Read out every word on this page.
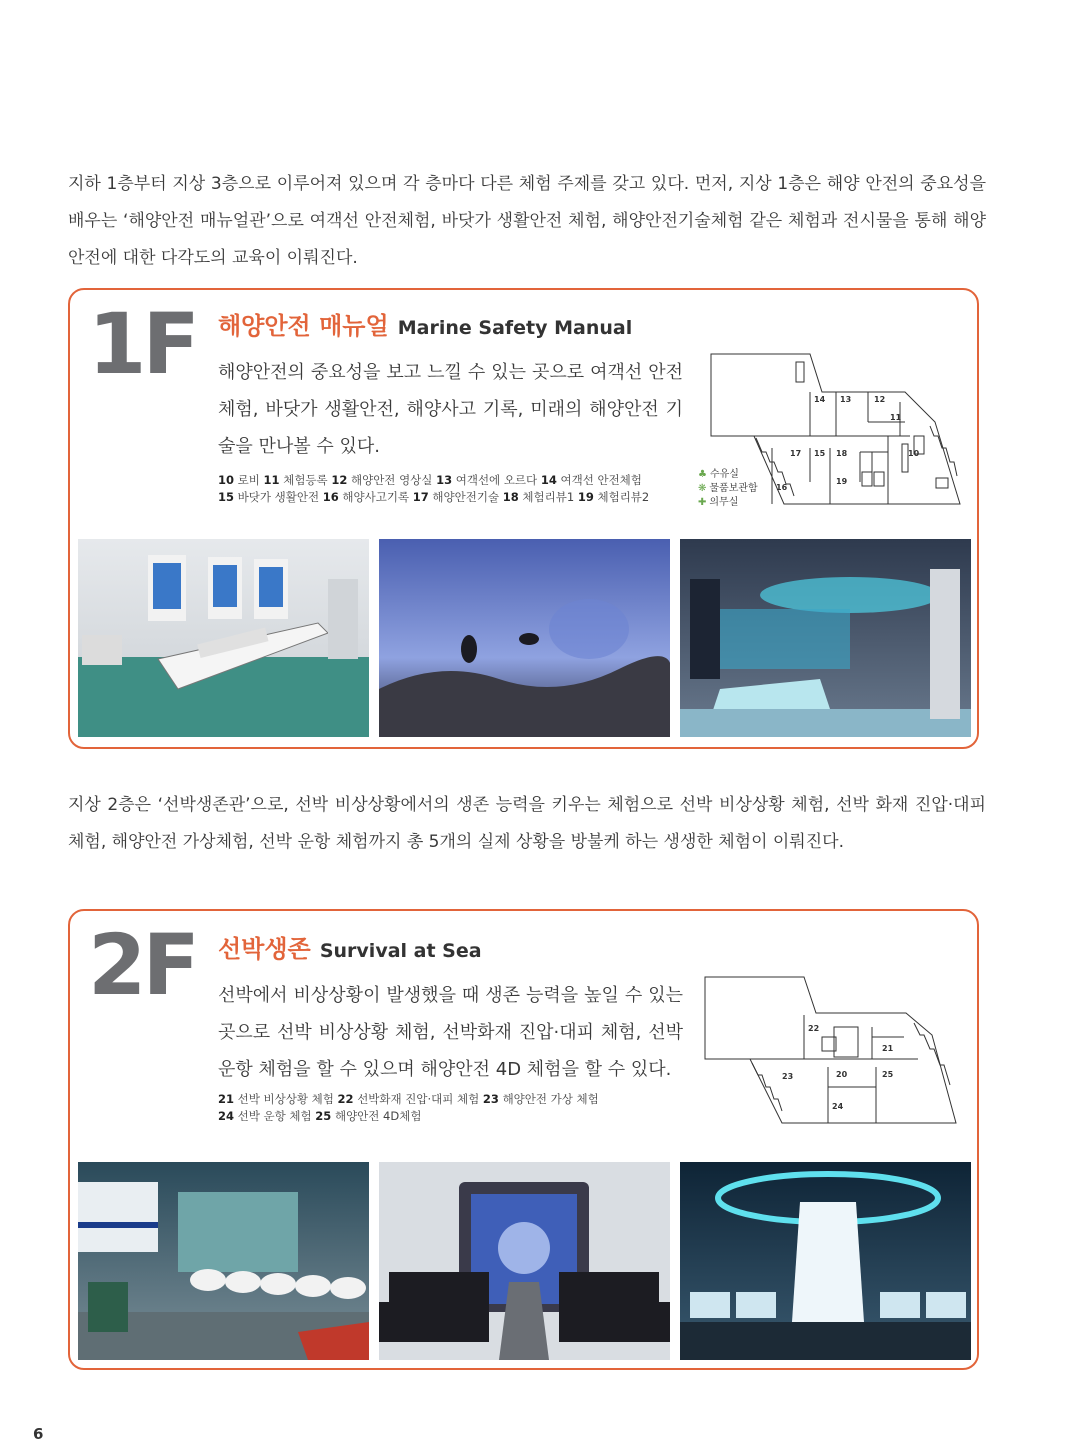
지하 1층부터 지상 3층으로 이루어져 있으며 각 층마다 다른 체험 주제를 갖고 있다. 먼저, 지상 1층은 해양 안전의 중요성을 배우는 ‘해양안전 매뉴얼관’으로 여객선 안전체험, 바닷가 생활안전 체험, 해양안전기술체험 같은 체험과 전시물을 통해 해양안전에 대한 다각도의 교육이 이뤄진다.

1F 해양안전 매뉴얼 Marine Safety Manual

해양안전의 중요성을 보고 느낄 수 있는 곳으로 여객선 안전체험, 바닷가 생활안전, 해양사고 기록, 미래의 해양안전 기술을 만나볼 수 있다.

10 로비 11 체험등록 12 해양안전 영상실 13 여객선에 오르다 14 여객선 안전체험
15 바닷가 생활안전 16 해양사고기록 17 해양안전기술 18 체험리뷰1 19 체험리뷰2
♣ 수유실
❋ 물품보관함
✚ 의무실
14 13	12
11
17 15 18	10
16
19

지상 2층은 ‘선박생존관’으로, 선박 비상상황에서의 생존 능력을 키우는 체험으로 선박 비상상황 체험, 선박 화재 진압·대피체험, 해양안전 가상체험, 선박 운항 체험까지 총 5개의 실제 상황을 방불케 하는 생생한 체험이 이뤄진다.

2F 선박생존 Survival at Sea

선박에서 비상상황이 발생했을 때 생존 능력을 높일 수 있는 곳으로 선박 비상상황 체험, 선박화재 진압·대피 체험, 선박운항 체험을 할 수 있으며 해양안전 4D 체험을 할 수 있다.

21 선박 비상상황 체험 22 선박화재 진압·대피 체험 23 해양안전 가상 체험
24 선박 운항 체험 25 해양안전 4D체험
22
21
23	20	25
24
6
